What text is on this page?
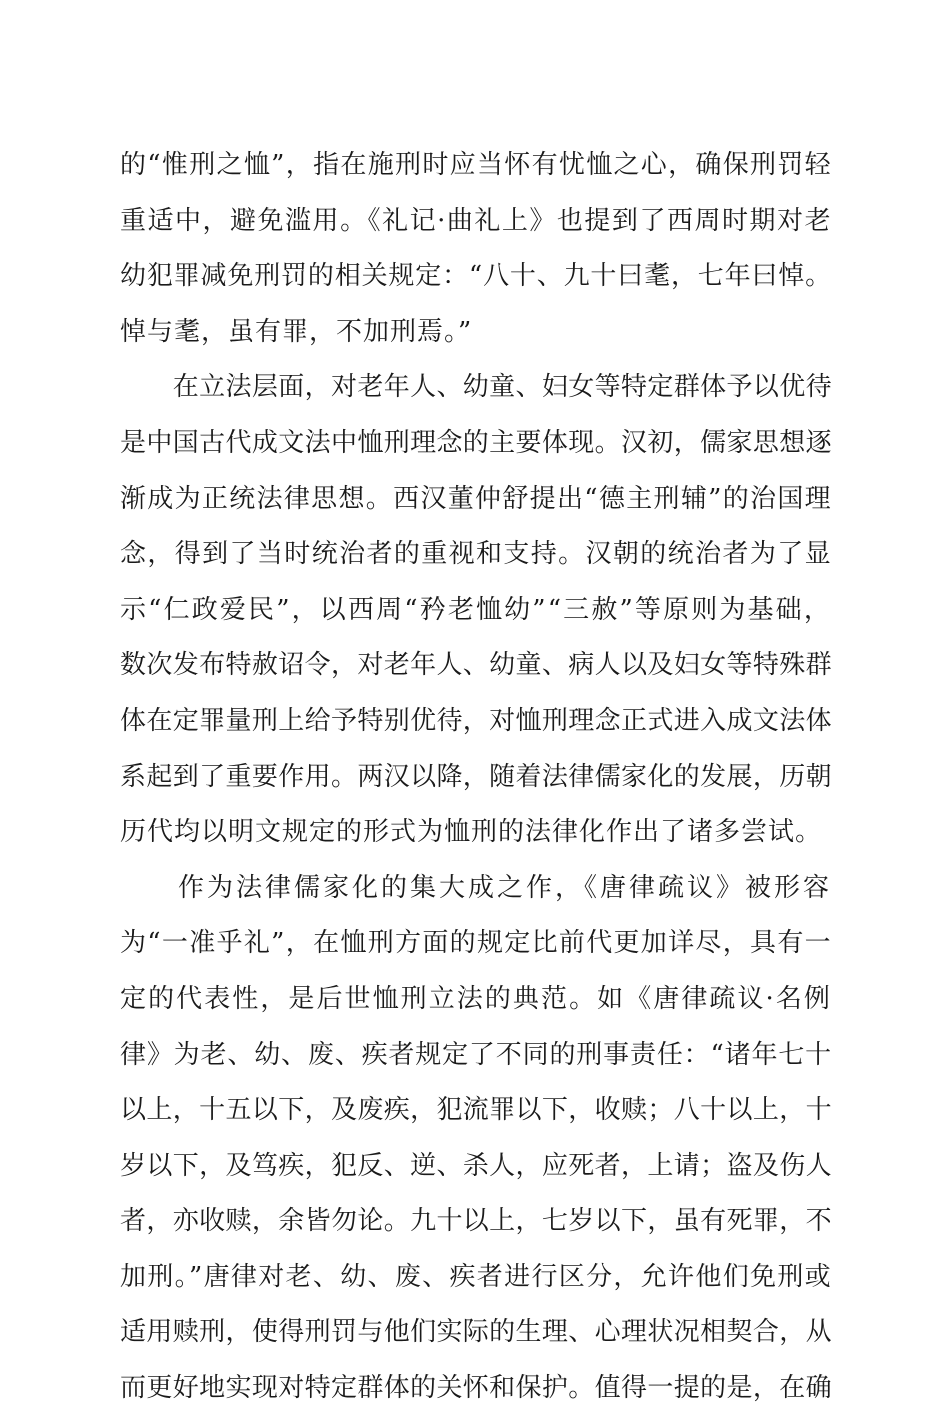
的“惟刑之恤”，指在施刑时应当怀有忧恤之心，确保刑罚轻
重适中，避免滥用。《礼记·曲礼上》也提到了西周时期对老
幼犯罪减免刑罚的相关规定：“八十、九十曰耄，七年曰悼。
悼与耄，虽有罪，不加刑焉。”
　　在立法层面，对老年人、幼童、妇女等特定群体予以优待
是中国古代成文法中恤刑理念的主要体现。汉初，儒家思想逐
渐成为正统法律思想。西汉董仲舒提出“德主刑辅”的治国理
念，得到了当时统治者的重视和支持。汉朝的统治者为了显
示“仁政爱民”，以西周“矜老恤幼”“三赦”等原则为基础，
数次发布特赦诏令，对老年人、幼童、病人以及妇女等特殊群
体在定罪量刑上给予特别优待，对恤刑理念正式进入成文法体
系起到了重要作用。两汉以降，随着法律儒家化的发展，历朝
历代均以明文规定的形式为恤刑的法律化作出了诸多尝试。
　　作为法律儒家化的集大成之作，《唐律疏议》被形容
为“一准乎礼”，在恤刑方面的规定比前代更加详尽，具有一
定的代表性，是后世恤刑立法的典范。如《唐律疏议·名例
律》为老、幼、废、疾者规定了不同的刑事责任：“诸年七十
以上，十五以下，及废疾，犯流罪以下，收赎；八十以上，十
岁以下，及笃疾，犯反、逆、杀人，应死者，上请；盗及伤人
者，亦收赎，余皆勿论。九十以上，七岁以下，虽有死罪，不
加刑。”唐律对老、幼、废、疾者进行区分，允许他们免刑或
适用赎刑，使得刑罚与他们实际的生理、心理状况相契合，从
而更好地实现对特定群体的关怀和保护。值得一提的是，在确
